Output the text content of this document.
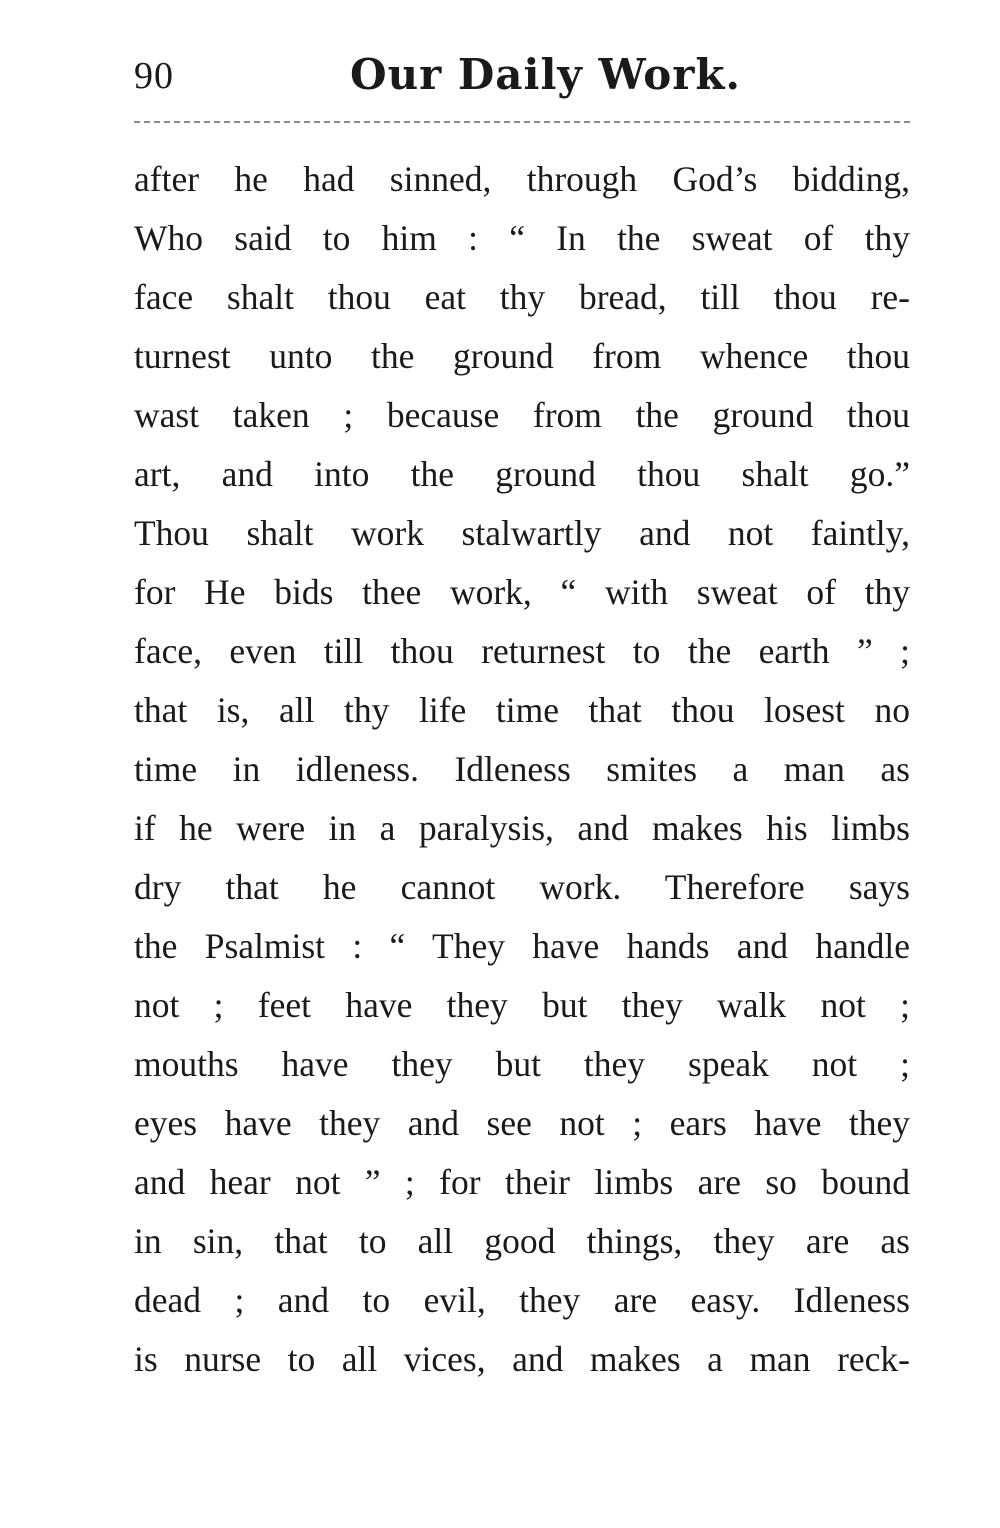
90	Our Daily Work.
after he had sinned, through God’s bidding,
Who said to him : “ In the sweat of thy
face shalt thou eat thy bread, till thou re-
turnest unto the ground from whence thou
wast taken ; because from the ground thou
art, and into the ground thou shalt go.”
Thou shalt work stalwartly and not faintly,
for He bids thee work, “ with sweat of thy
face, even till thou returnest to the earth ” ;
that is, all thy life time that thou losest no
time in idleness. Idleness smites a man as
if he were in a paralysis, and makes his limbs
dry that he cannot work. Therefore says
the Psalmist : “ They have hands and handle
not ; feet have they but they walk not ;
mouths have they but they speak not ;
eyes have they and see not ; ears have they
and hear not ” ; for their limbs are so bound
in sin, that to all good things, they are as
dead ; and to evil, they are easy. Idleness
is nurse to all vices, and makes a man reck-
